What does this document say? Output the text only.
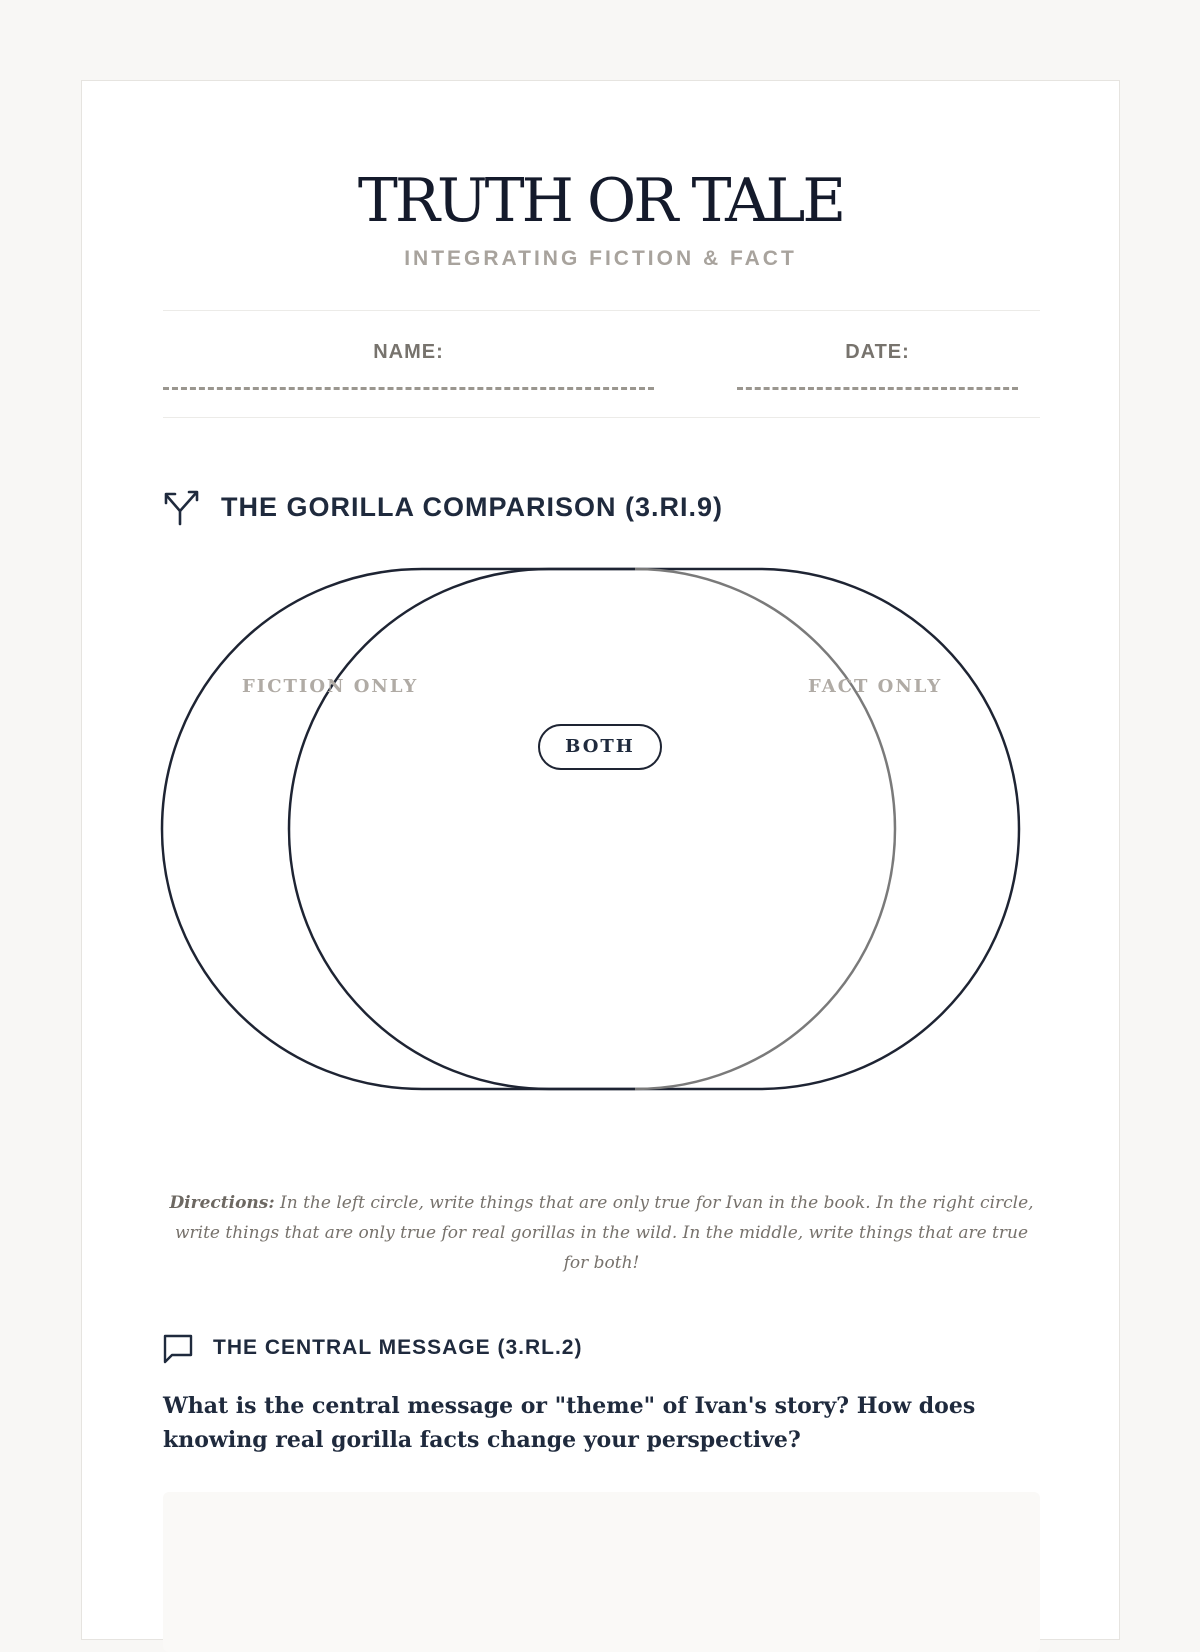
TRUTH OR TALE
INTEGRATING FICTION & FACT
NAME:	DATE:
THE GORILLA COMPARISON (3.RI.9)
FICTION ONLY	FACT ONLY
BOTH
Directions: In the left circle, write things that are only true for Ivan in the book. In the right circle, write things that are only true for real gorillas in the wild. In the middle, write things that are true for both!
THE CENTRAL MESSAGE (3.RL.2)
What is the central message or "theme" of Ivan's story? How does knowing real gorilla facts change your perspective?
